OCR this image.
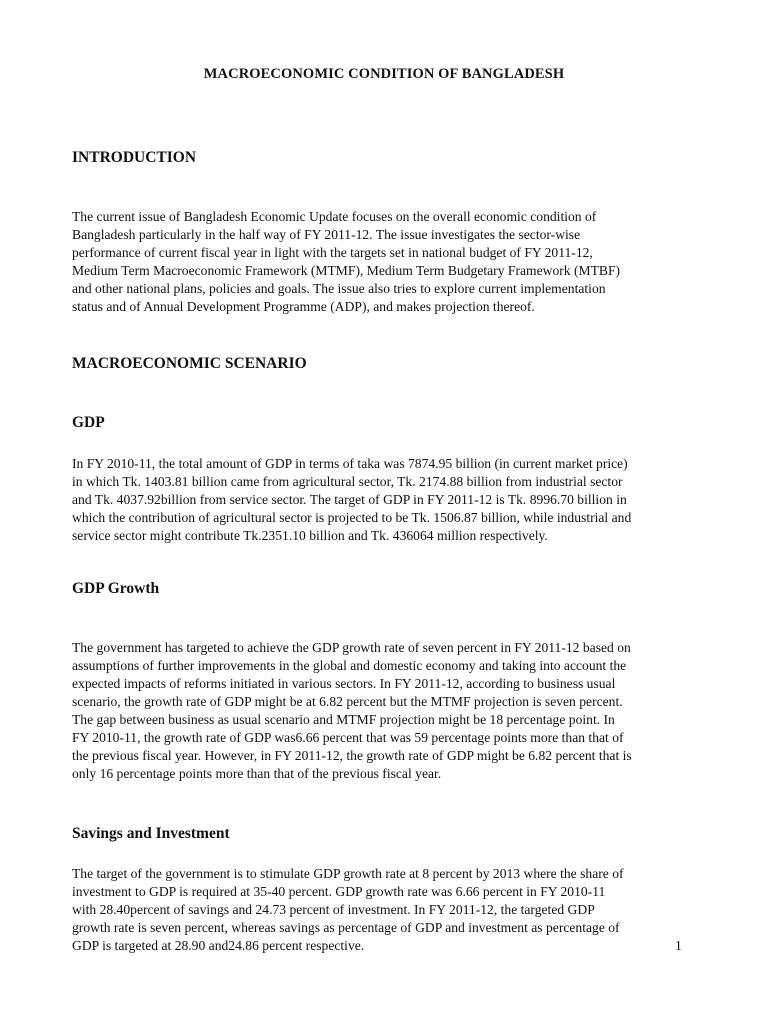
MACROECONOMIC CONDITION OF BANGLADESH
INTRODUCTION

The current issue of Bangladesh Economic Update focuses on the overall economic condition of
Bangladesh particularly in the half way of FY 2011-12. The issue investigates the sector-wise
performance of current fiscal year in light with the targets set in national budget of FY 2011-12,
Medium Term Macroeconomic Framework (MTMF), Medium Term Budgetary Framework (MTBF)
and other national plans, policies and goals. The issue also tries to explore current implementation
status and of Annual Development Programme (ADP), and makes projection thereof.

MACROECONOMIC SCENARIO
GDP

In FY 2010-11, the total amount of GDP in terms of taka was 7874.95 billion (in current market price)
in which Tk. 1403.81 billion came from agricultural sector, Tk. 2174.88 billion from industrial sector
and Tk. 4037.92billion from service sector. The target of GDP in FY 2011-12 is Tk. 8996.70 billion in
which the contribution of agricultural sector is projected to be Tk. 1506.87 billion, while industrial and
service sector might contribute Tk.2351.10 billion and Tk. 436064 million respectively.

GDP Growth

The government has targeted to achieve the GDP growth rate of seven percent in FY 2011-12 based on
assumptions of further improvements in the global and domestic economy and taking into account the
expected impacts of reforms initiated in various sectors. In FY 2011-12, according to business usual
scenario, the growth rate of GDP might be at 6.82 percent but the MTMF projection is seven percent.
The gap between business as usual scenario and MTMF projection might be 18 percentage point. In
FY 2010-11, the growth rate of GDP was6.66 percent that was 59 percentage points more than that of
the previous fiscal year. However, in FY 2011-12, the growth rate of GDP might be 6.82 percent that is
only 16 percentage points more than that of the previous fiscal year.

Savings and Investment

The target of the government is to stimulate GDP growth rate at 8 percent by 2013 where the share of
investment to GDP is required at 35-40 percent. GDP growth rate was 6.66 percent in FY 2010-11
with 28.40percent of savings and 24.73 percent of investment. In FY 2011-12, the targeted GDP
growth rate is seven percent, whereas savings as percentage of GDP and investment as percentage of
GDP is targeted at 28.90 and24.86 percent respective.	1
